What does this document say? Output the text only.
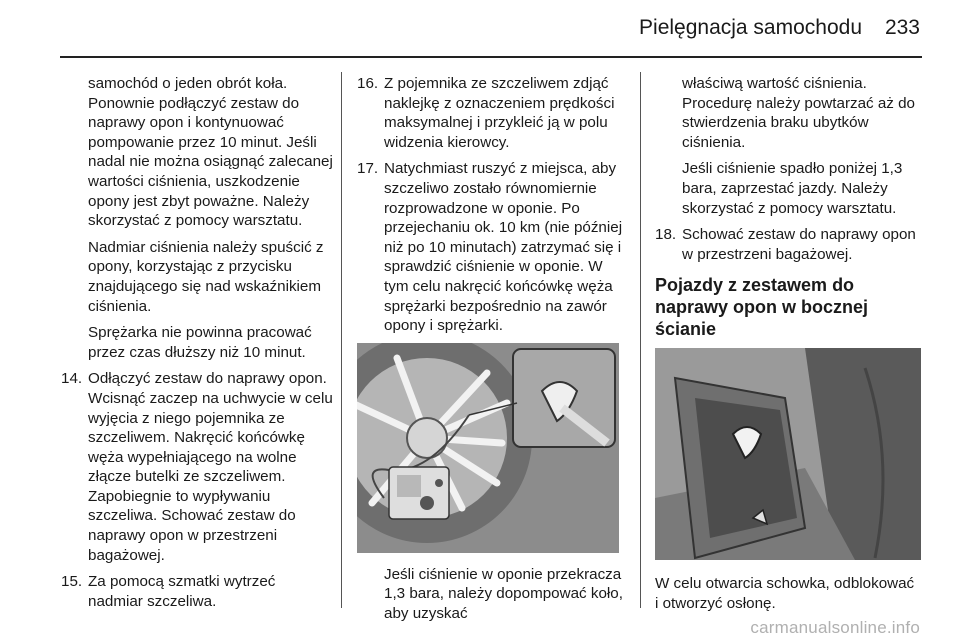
Pielęgnacja samochodu 233

samochód o jeden obrót koła. Ponownie podłączyć zestaw do naprawy opon i kontynuować pompowanie przez 10 minut. Jeśli nadal nie można osiągnąć zalecanej wartości ciśnienia, uszkodzenie opony jest zbyt poważne. Należy skorzystać z pomocy warsztatu.

Nadmiar ciśnienia należy spuścić z opony, korzystając z przycisku znajdującego się nad wskaźnikiem ciśnienia.

Sprężarka nie powinna pracować przez czas dłuższy niż 10 minut.

14. Odłączyć zestaw do naprawy opon. Wcisnąć zaczep na uchwycie w celu wyjęcia z niego pojemnika ze szczeliwem. Nakręcić końcówkę węża wypełniającego na wolne złącze butelki ze szczeliwem. Zapobiegnie to wypływaniu szczeliwa. Schować zestaw do naprawy opon w przestrzeni bagażowej.
15. Za pomocą szmatki wytrzeć nadmiar szczeliwa.
16. Z pojemnika ze szczeliwem zdjąć naklejkę z oznaczeniem prędkości maksymalnej i przykleić ją w polu widzenia kierowcy.
17. Natychmiast ruszyć z miejsca, aby szczeliwo zostało równomiernie rozprowadzone w oponie. Po przejechaniu ok. 10 km (nie później niż po 10 minutach) zatrzymać się i sprawdzić ciśnienie w oponie. W tym celu nakręcić końcówkę węża sprężarki bezpośrednio na zawór opony i sprężarki.

Jeśli ciśnienie w oponie przekracza 1,3 bara, należy dopompować koło, aby uzyskać

właściwą wartość ciśnienia. Procedurę należy powtarzać aż do stwierdzenia braku ubytków ciśnienia.

Jeśli ciśnienie spadło poniżej 1,3 bara, zaprzestać jazdy. Należy skorzystać z pomocy warsztatu.

18. Schować zestaw do naprawy opon w przestrzeni bagażowej.
Pojazdy z zestawem do naprawy opon w bocznej ścianie

W celu otwarcia schowka, odblokować i otworzyć osłonę.

carmanualsonline.info
